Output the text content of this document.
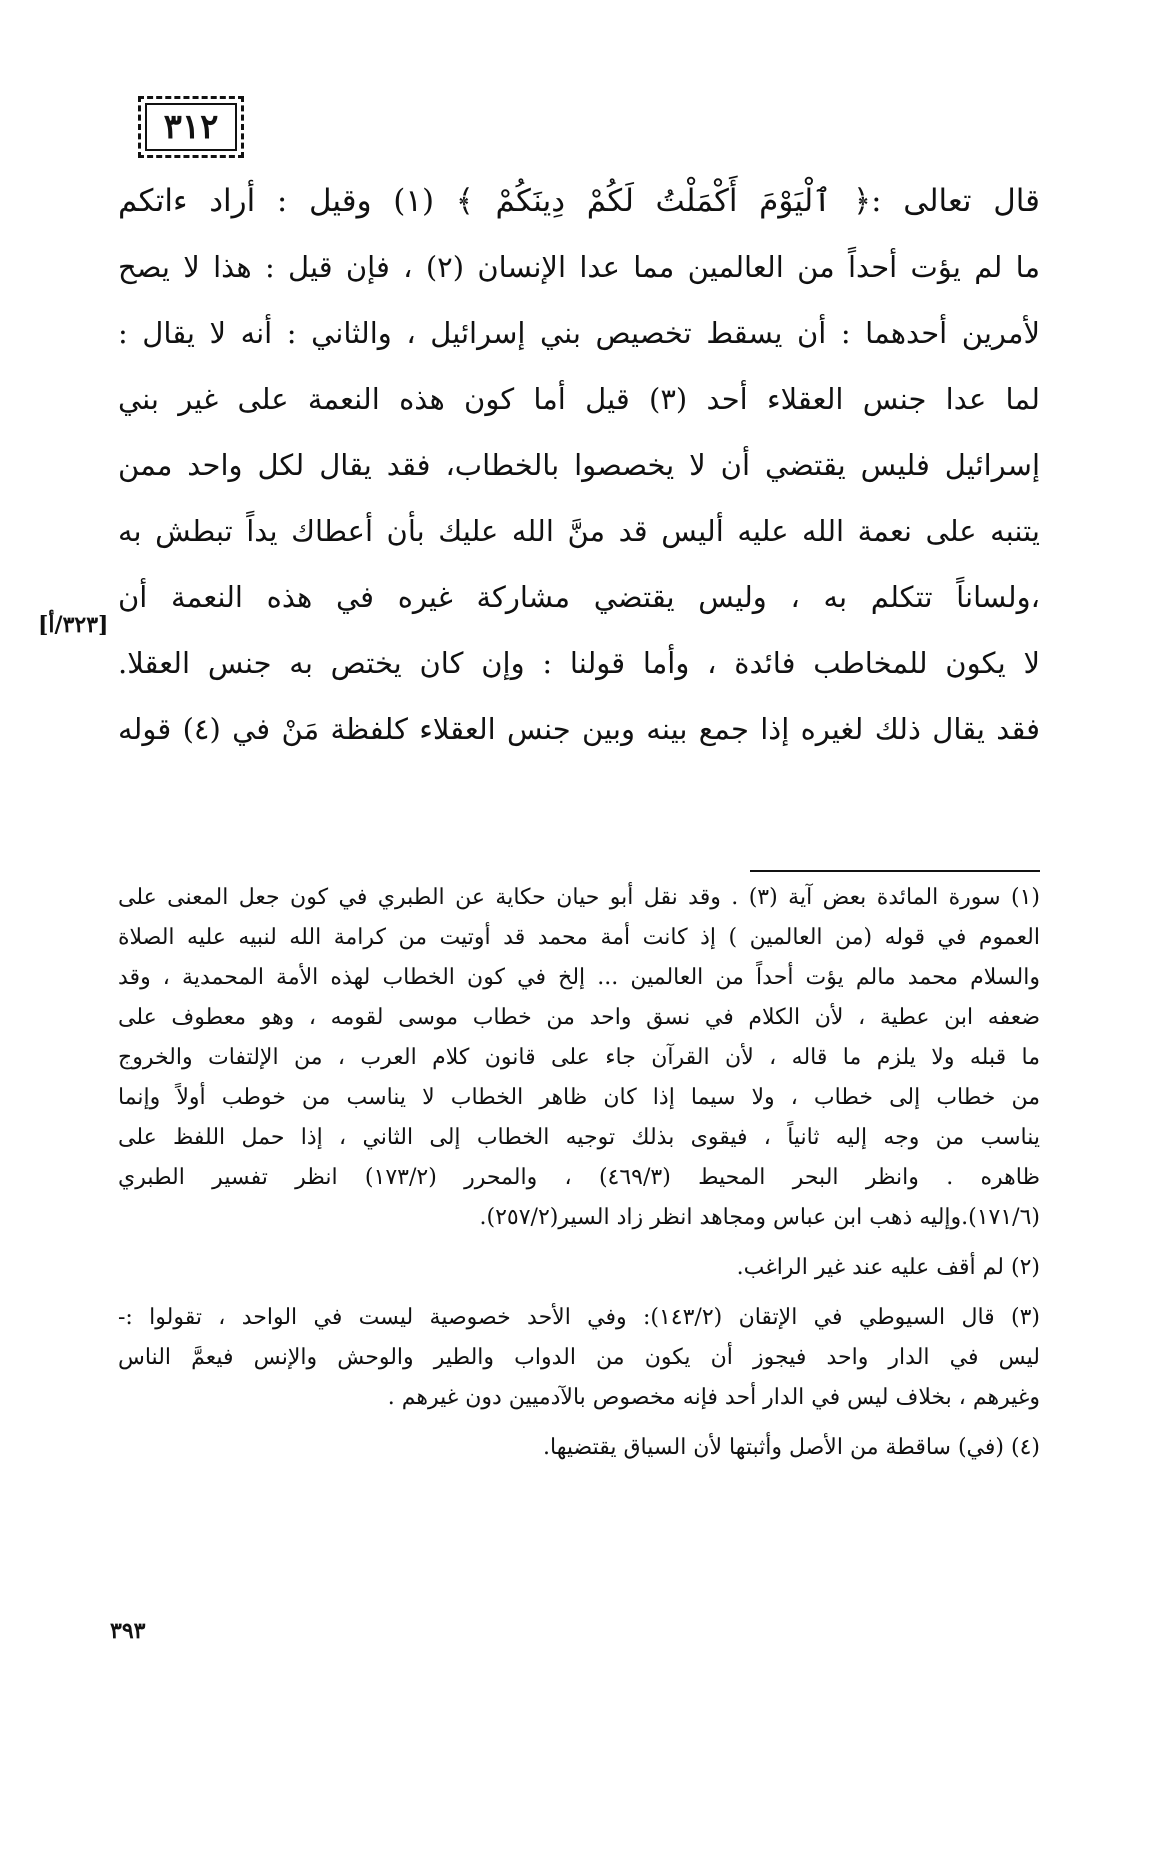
٣١٢
قال تعالى :﴿ ٱلْيَوْمَ أَكْمَلْتُ لَكُمْ دِينَكُمْ ﴾ (١) وقيل : أراد ءاتكم
ما لم يؤت أحداً من العالمين مما عدا الإنسان (٢) ، فإن قيل : هذا لا يصح
لأمرين أحدهما : أن يسقط تخصيص بني إسرائيل ، والثاني : أنه لا يقال :
لما عدا جنس العقلاء أحد (٣) قيل أما كون هذه النعمة على غير بني
إسرائيل فليس يقتضي أن لا يخصصوا بالخطاب، فقد يقال لكل واحد ممن
يتنبه على نعمة الله عليه أليس قد منَّ الله عليك بأن أعطاك يداً تبطش به
،ولساناً تتكلم به ، وليس يقتضي مشاركة غيره في هذه النعمة أن
لا يكون للمخاطب فائدة ، وأما قولنا : وإن كان يختص به جنس العقلا.
فقد يقال ذلك لغيره إذا جمع بينه وبين جنس العقلاء كلفظة مَنْ في (٤) قوله
[٣٢٣/أ]
(١) سورة المائدة بعض آية (٣) . وقد نقل أبو حيان حكاية عن الطبري في كون جعل المعنى على
العموم في قوله (من العالمين ) إذ كانت أمة محمد قد أوتيت من كرامة الله لنبيه عليه الصلاة
والسلام محمد مالم يؤت أحداً من العالمين ... إلخ في كون الخطاب لهذه الأمة المحمدية ، وقد
ضعفه ابن عطية ، لأن الكلام في نسق واحد من خطاب موسى لقومه ، وهو معطوف على
ما قبله ولا يلزم ما قاله ، لأن القرآن جاء على قانون كلام العرب ، من الإلتفات والخروج
من خطاب إلى خطاب ، ولا سيما إذا كان ظاهر الخطاب لا يناسب من خوطب أولاً وإنما
يناسب من وجه إليه ثانياً ، فيقوى بذلك توجيه الخطاب إلى الثاني ، إذا حمل اللفظ على
ظاهره . وانظر البحر المحيط (٤٦٩/٣) ، والمحرر (١٧٣/٢) انظر تفسير الطبري
(١٧١/٦).وإليه ذهب ابن عباس ومجاهد انظر زاد السير(٢٥٧/٢).
(٢) لم أقف عليه عند غير الراغب.
(٣) قال السيوطي في الإتقان (١٤٣/٢): وفي الأحد خصوصية ليست في الواحد ، تقولوا :-
ليس في الدار واحد فيجوز أن يكون من الدواب والطير والوحش والإنس فيعمَّ الناس
وغيرهم ، بخلاف ليس في الدار أحد فإنه مخصوص بالآدميين دون غيرهم .
(٤) (في) ساقطة من الأصل وأثبتها لأن السياق يقتضيها.
٣٩٣
